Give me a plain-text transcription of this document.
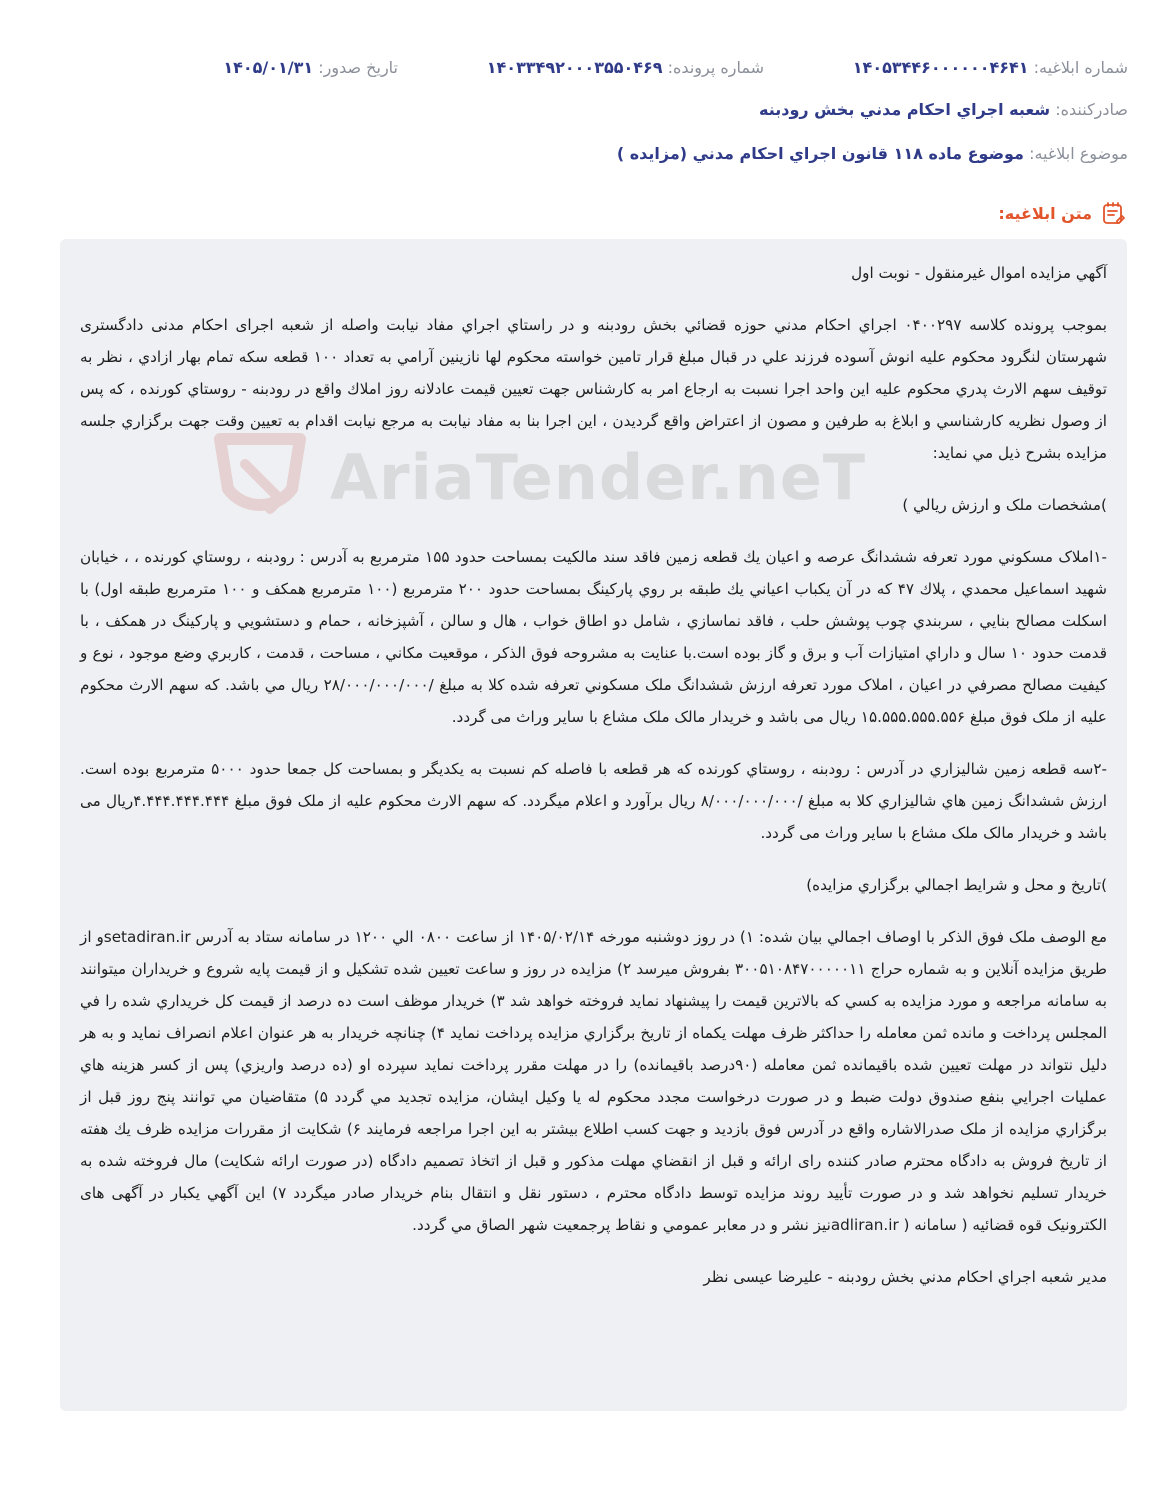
شماره ابلاغيه: ۱۴۰۵۳۴۴۶۰۰۰۰۰۰۴۶۴۱
شماره پرونده: ۱۴۰۳۳۴۹۲۰۰۰۳۵۵۰۴۶۹
تاريخ صدور: ۱۴۰۵/۰۱/۳۱
صادرکننده: شعبه اجراي احكام مدني بخش رودبنه
موضوع ابلاغيه: موضوع ماده ۱۱۸ قانون اجراي احكام مدني (مزايده )
متن ابلاغيه:
AriaTender.neT

آگهي مزايده اموال غيرمنقول - نوبت اول

بموجب پرونده كلاسه ۰۴۰۰۲۹۷ اجراي احكام مدني حوزه قضائي بخش رودبنه و در راستاي اجراي مفاد نيابت واصله از شعبه اجرای احکام مدنی دادگستری شهرستان لنگرود محكوم عليه انوش آسوده فرزند علي در قبال مبلغ قرار تامين خواسته محكوم لها نازينين آرامي به تعداد ۱۰۰ قطعه سكه تمام بهار ازادي ، نظر به توقيف سهم الارث پدري محكوم عليه اين واحد اجرا نسبت به ارجاع امر به كارشناس جهت تعيين قيمت عادلانه روز املاك واقع در رودبنه - روستاي كورنده ، كه پس از وصول نظريه كارشناسي و ابلاغ به طرفين و مصون از اعتراض واقع گرديدن ، اين اجرا بنا به مفاد نيابت به مرجع نيابت اقدام به تعيين وقت جهت برگزاري جلسه مزايده بشرح ذيل مي نمايد:

)مشخصات ملک و ارزش ريالي )

-۱املاک مسکوني مورد تعرفه ششدانگ عرصه و اعيان يك قطعه زمين فاقد سند مالكيت بمساحت حدود ۱۵۵ مترمربع به آدرس : رودبنه ، روستاي كورنده ، ، خيابان شهيد اسماعيل محمدي ، پلاك ۴۷ كه در آن يكباب اعياني يك طبقه بر روي پاركينگ بمساحت حدود ۲۰۰ مترمربع (۱۰۰ مترمربع همكف و ۱۰۰ مترمربع طبقه اول) با اسكلت مصالح بنايي ، سربندي چوب پوشش حلب ، فاقد نماسازي ، شامل دو اطاق خواب ، هال و سالن ، آشپزخانه ، حمام و دستشويي و پاركينگ در همكف ، با قدمت حدود ۱۰ سال و داراي امتيازات آب و برق و گاز بوده است.با عنايت به مشروحه فوق الذكر ، موقعيت مكاني ، مساحت ، قدمت ، كاربري وضع موجود ، نوع و كيفيت مصالح مصرفي در اعيان ، املاک مورد تعرفه ارزش ششدانگ ملک مسکوني تعرفه شده كلا به مبلغ /۲۸/۰۰۰/۰۰۰/۰۰۰ ريال مي باشد. که سهم الارث محکوم عليه از ملک فوق مبلغ ۱۵.۵۵۵.۵۵۵.۵۵۶ ريال می باشد و خريدار مالک ملک مشاع با ساير وراث می گردد.

-۲سه قطعه زمين شاليزاري در آدرس : رودبنه ، روستاي كورنده كه هر قطعه با فاصله كم نسبت به يكديگر و بمساحت كل جمعا حدود ۵۰۰۰ مترمربع بوده است. ارزش ششدانگ زمين هاي شاليزاري كلا به مبلغ /۸/۰۰۰/۰۰۰/۰۰۰ ريال برآورد و اعلام ميگردد. که سهم الارث محکوم عليه از ملک فوق مبلغ ۴.۴۴۴.۴۴۴.۴۴۴ريال می باشد و خريدار مالک ملک مشاع با ساير وراث می گردد.

)تاريخ و محل و شرايط اجمالي برگزاري مزايده)

مع الوصف ملک فوق الذكر با اوصاف اجمالي بيان شده: ۱) در روز دوشنبه مورخه ۱۴۰۵/۰۲/۱۴ از ساعت ۰۸۰۰ الي ۱۲۰۰ در سامانه ستاد به آدرس setadiran.irو از طريق مزايده آنلاين و به شماره حراج ۳۰۰۵۱۰۸۴۷۰۰۰۰۰۱۱ بفروش ميرسد ۲) مزايده در روز و ساعت تعيين شده تشكيل و از قيمت پايه شروع و خريداران ميتوانند به سامانه مراجعه و مورد مزايده به كسي كه بالاترين قيمت را پيشنهاد نمايد فروخته خواهد شد ۳) خريدار موظف است ده درصد از قيمت كل خريداري شده را في المجلس پرداخت و مانده ثمن معامله را حداكثر ظرف مهلت يكماه از تاريخ برگزاري مزايده پرداخت نمايد ۴) چنانچه خريدار به هر عنوان اعلام انصراف نمايد و به هر دليل نتواند در مهلت تعيين شده باقيمانده ثمن معامله (۹۰درصد باقيمانده) را در مهلت مقرر پرداخت نمايد سپرده او (ده درصد واريزي) پس از كسر هزينه هاي عمليات اجرايي بنفع صندوق دولت ضبط و در صورت درخواست مجدد محكوم له يا وكيل ايشان، مزايده تجديد مي گردد ۵) متقاضيان مي توانند پنج روز قبل از برگزاري مزايده از ملک صدرالاشاره واقع در آدرس فوق بازديد و جهت كسب اطلاع بيشتر به اين اجرا مراجعه فرمايند ۶) شكايت از مقررات مزايده ظرف يك هفته از تاريخ فروش به دادگاه محترم صادر کننده رای ارائه و قبل از انقضاي مهلت مذكور و قبل از اتخاذ تصميم دادگاه (در صورت ارائه شكايت) مال فروخته شده به خريدار تسليم نخواهد شد و در صورت تأييد روند مزايده توسط دادگاه محترم ، دستور نقل و انتقال بنام خريدار صادر ميگردد ۷) اين آگهي يكبار در آگهی های الکترونیک قوه قضائیه ( سامانه ( adliran.irنيز نشر و در معابر عمومي و نقاط پرجمعيت شهر الصاق مي گردد.

مدير شعبه اجراي احكام مدني بخش رودبنه - عليرضا عيسى نظر
